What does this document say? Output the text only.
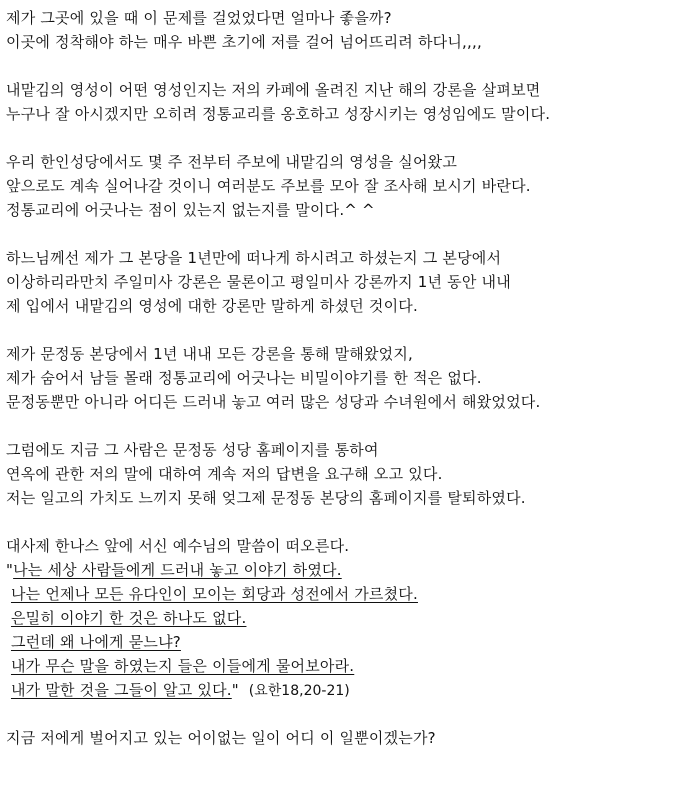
제가 그곳에 있을 때 이 문제를 걸었었다면 얼마나 좋을까?
이곳에 정착해야 하는 매우 바쁜 초기에 저를 걸어 넘어뜨리려 하다니,,,,
내맡김의 영성이 어떤 영성인지는 저의 카페에 올려진 지난 해의 강론을 살펴보면
누구나 잘 아시겠지만 오히려 정통교리를 옹호하고 성장시키는 영성임에도 말이다.
우리 한인성당에서도 몇 주 전부터 주보에 내맡김의 영성을 실어왔고
앞으로도 계속 실어나갈 것이니 여러분도 주보를 모아 잘 조사해 보시기 바란다.
정통교리에 어긋나는 점이 있는지 없는지를 말이다.^ ^
하느님께선 제가 그 본당을 1년만에 떠나게 하시려고 하셨는지 그 본당에서
이상하리라만치 주일미사 강론은 물론이고 평일미사 강론까지 1년 동안 내내
제 입에서 내맡김의 영성에 대한 강론만 말하게 하셨던 것이다.
제가 문정동 본당에서 1년 내내 모든 강론을 통해 말해왔었지,
제가 숨어서 남들 몰래 정통교리에 어긋나는 비밀이야기를 한 적은 없다.
문정동뿐만 아니라 어디든 드러내 놓고 여러 많은 성당과 수녀원에서 해왔었었다.
그럼에도 지금 그 사람은 문정동 성당 홈페이지를 통하여
연옥에 관한 저의 말에 대하여 계속 저의 답변을 요구해 오고 있다.
저는 일고의 가치도 느끼지 못해 엊그제 문정동 본당의 홈페이지를 탈퇴하였다.
대사제 한나스 앞에 서신 예수님의 말씀이 떠오른다.
"나는 세상 사람들에게 드러내 놓고 이야기 하였다.
나는 언제나 모든 유다인이 모이는 회당과 성전에서 가르쳤다.
은밀히 이야기 한 것은 하나도 없다.
그런데 왜 나에게 묻느냐?
내가 무슨 말을 하였는지 들은 이들에게 물어보아라.
내가 말한 것을 그들이 알고 있다." (요한18,20-21)
지금 저에게 벌어지고 있는 어이없는 일이 어디 이 일뿐이겠는가?
